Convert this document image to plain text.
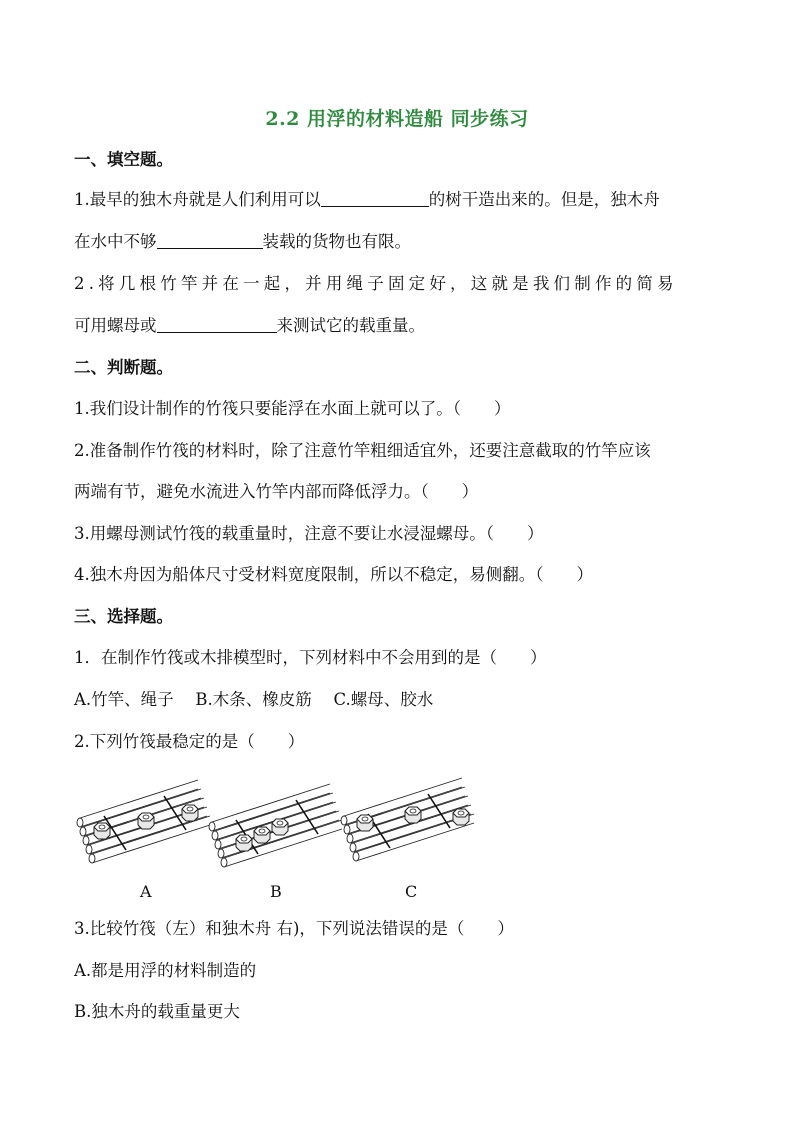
2.2 用浮的材料造船 同步练习
一、填空题。
1.最早的独木舟就是人们利用可以	的树干造出来的。但是，独木舟
在水中不够	装载的货物也有限。
2.将几根竹竿并在一起，并用绳子固定好，这就是我们制作的简易
可用螺母或	来测试它的载重量。
二、判断题。
1.我们设计制作的竹筏只要能浮在水面上就可以了。（　　）
2.准备制作竹筏的材料时，除了注意竹竿粗细适宜外，还要注意截取的竹竿应该
两端有节，避免水流进入竹竿内部而降低浮力。（　　）
3.用螺母测试竹筏的载重量时，注意不要让水浸湿螺母。（　　）
4.独木舟因为船体尺寸受材料宽度限制，所以不稳定，易侧翻。（　　）
三、选择题。
1．在制作竹筏或木排模型时，下列材料中不会用到的是（　　）
A.竹竿、绳子　 B.木条、橡皮筋　 C.螺母、胶水
2.下列竹筏最稳定的是（　　）
A	B	C
3.比较竹筏（左）和独木舟 右)，下列说法错误的是（　　）
A.都是用浮的材料制造的
B.独木舟的载重量更大
